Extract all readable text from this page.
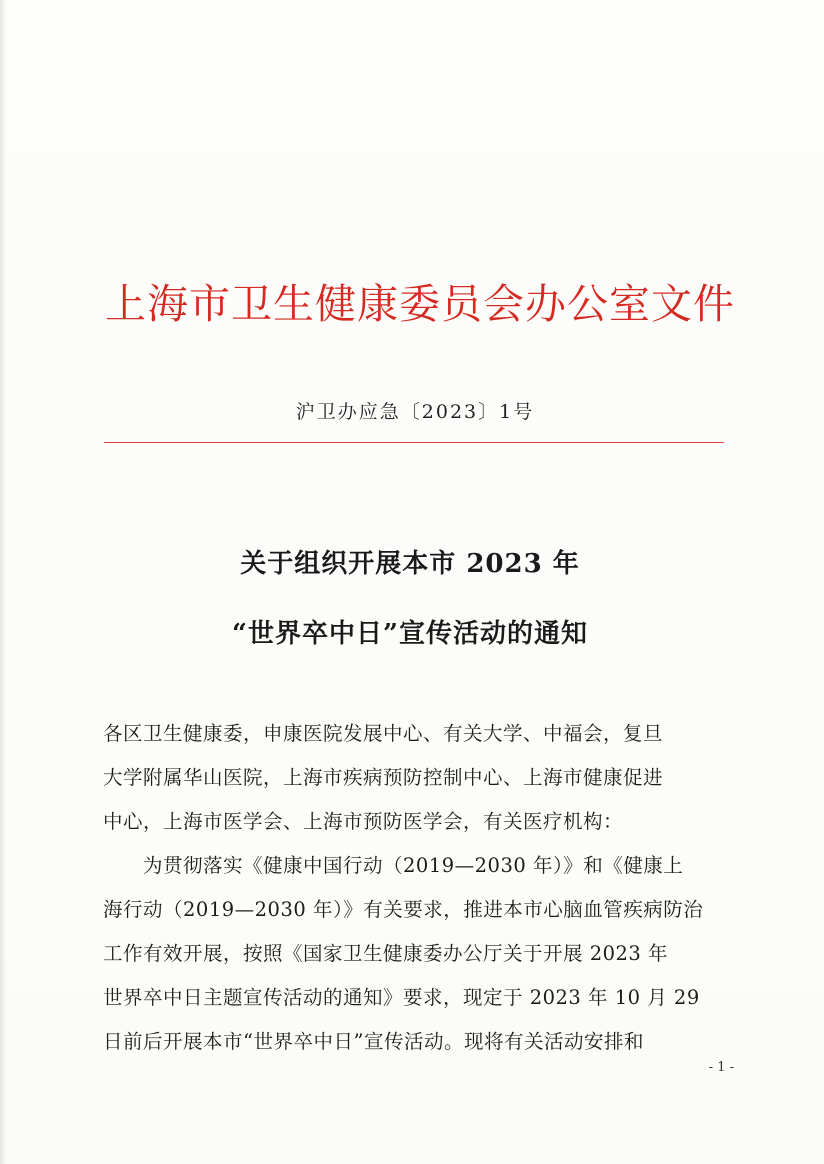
上海市卫生健康委员会办公室文件
沪卫办应急〔2023〕1号
关于组织开展本市 2023 年
“世界卒中日”宣传活动的通知
各区卫生健康委，申康医院发展中心、有关大学、中福会，复旦
大学附属华山医院，上海市疾病预防控制中心、上海市健康促进
中心，上海市医学会、上海市预防医学会，有关医疗机构：
　　为贯彻落实《健康中国行动（2019—2030 年）》和《健康上
海行动（2019—2030 年）》有关要求，推进本市心脑血管疾病防治
工作有效开展，按照《国家卫生健康委办公厅关于开展 2023 年
世界卒中日主题宣传活动的通知》要求，现定于 2023 年 10 月 29
日前后开展本市“世界卒中日”宣传活动。现将有关活动安排和
- 1 -
